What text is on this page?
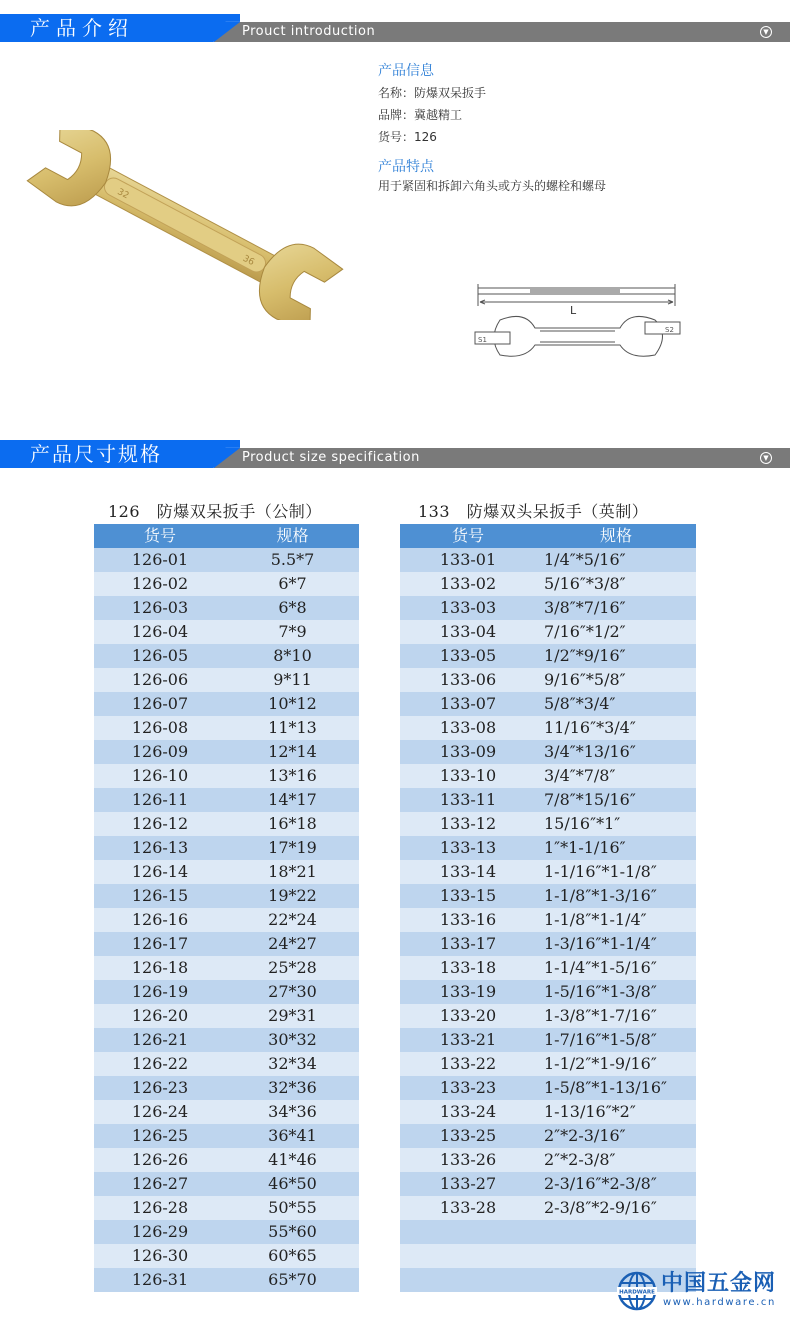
产品介绍	Prouct introduction	▼
32
36
产品信息
名称：防爆双呆扳手
品牌：冀越精工
货号：126
产品特点
用于紧固和拆卸六角头或方头的螺栓和螺母
L
S1
S2
产品尺寸规格	Product size specification	▼
126   防爆双呆扳手（公制）
货号	规格
126-01	5.5*7
126-02	6*7
126-03	6*8
126-04	7*9
126-05	8*10
126-06	9*11
126-07	10*12
126-08	11*13
126-09	12*14
126-10	13*16
126-11	14*17
126-12	16*18
126-13	17*19
126-14	18*21
126-15	19*22
126-16	22*24
126-17	24*27
126-18	25*28
126-19	27*30
126-20	29*31
126-21	30*32
126-22	32*34
126-23	32*36
126-24	34*36
126-25	36*41
126-26	41*46
126-27	46*50
126-28	50*55
126-29	55*60
126-30	60*65
126-31	65*70
133   防爆双头呆扳手（英制）
货号	规格
133-01	1/4″*5/16″
133-02	5/16″*3/8″
133-03	3/8″*7/16″
133-04	7/16″*1/2″
133-05	1/2″*9/16″
133-06	9/16″*5/8″
133-07	5/8″*3/4″
133-08	11/16″*3/4″
133-09	3/4″*13/16″
133-10	3/4″*7/8″
133-11	7/8″*15/16″
133-12	15/16″*1″
133-13	1″*1-1/16″
133-14	1-1/16″*1-1/8″
133-15	1-1/8″*1-3/16″
133-16	1-1/8″*1-1/4″
133-17	1-3/16″*1-1/4″
133-18	1-1/4″*1-5/16″
133-19	1-5/16″*1-3/8″
133-20	1-3/8″*1-7/16″
133-21	1-7/16″*1-5/8″
133-22	1-1/2″*1-9/16″
133-23	1-5/8″*1-13/16″
133-24	1-13/16″*2″
133-25	2″*2-3/16″
133-26	2″*2-3/8″
133-27	2-3/16″*2-3/8″
133-28	2-3/8″*2-9/16″
HARDWARE 中国五金网
www.hardware.cn
